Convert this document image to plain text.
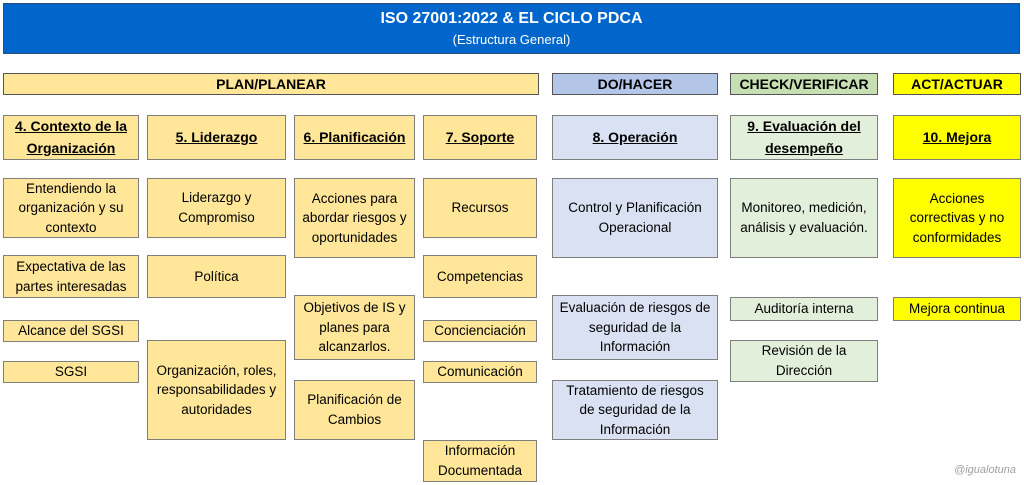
ISO 27001:2022 & EL CICLO PDCA
(Estructura General)
PLAN/PLANEAR	DO/HACER	CHECK/VERIFICAR	ACT/ACTUAR
4. Contexto de la Organización
5. Liderazgo	6. Planificación	7. Soporte	8. Operación
9. Evaluación del desempeño
10. Mejora
Entendiendo la organización y su contexto
Expectativa de las partes interesadas
Alcance del SGSI
SGSI
Liderazgo y Compromiso
Política
Organización, roles, responsabilidades y autoridades
Acciones para abordar riesgos y oportunidades
Objetivos de IS y planes para alcanzarlos.
Planificación de Cambios
Recursos
Competencias
Concienciación
Comunicación
Información Documentada
Control y Planificación Operacional
Evaluación de riesgos de seguridad de la Información
Tratamiento de riesgos de seguridad de la Información
Monitoreo, medición, análisis y evaluación.
Auditoría interna
Revisión de la Dirección
Acciones correctivas y no conformidades
Mejora continua
@igualotuna
